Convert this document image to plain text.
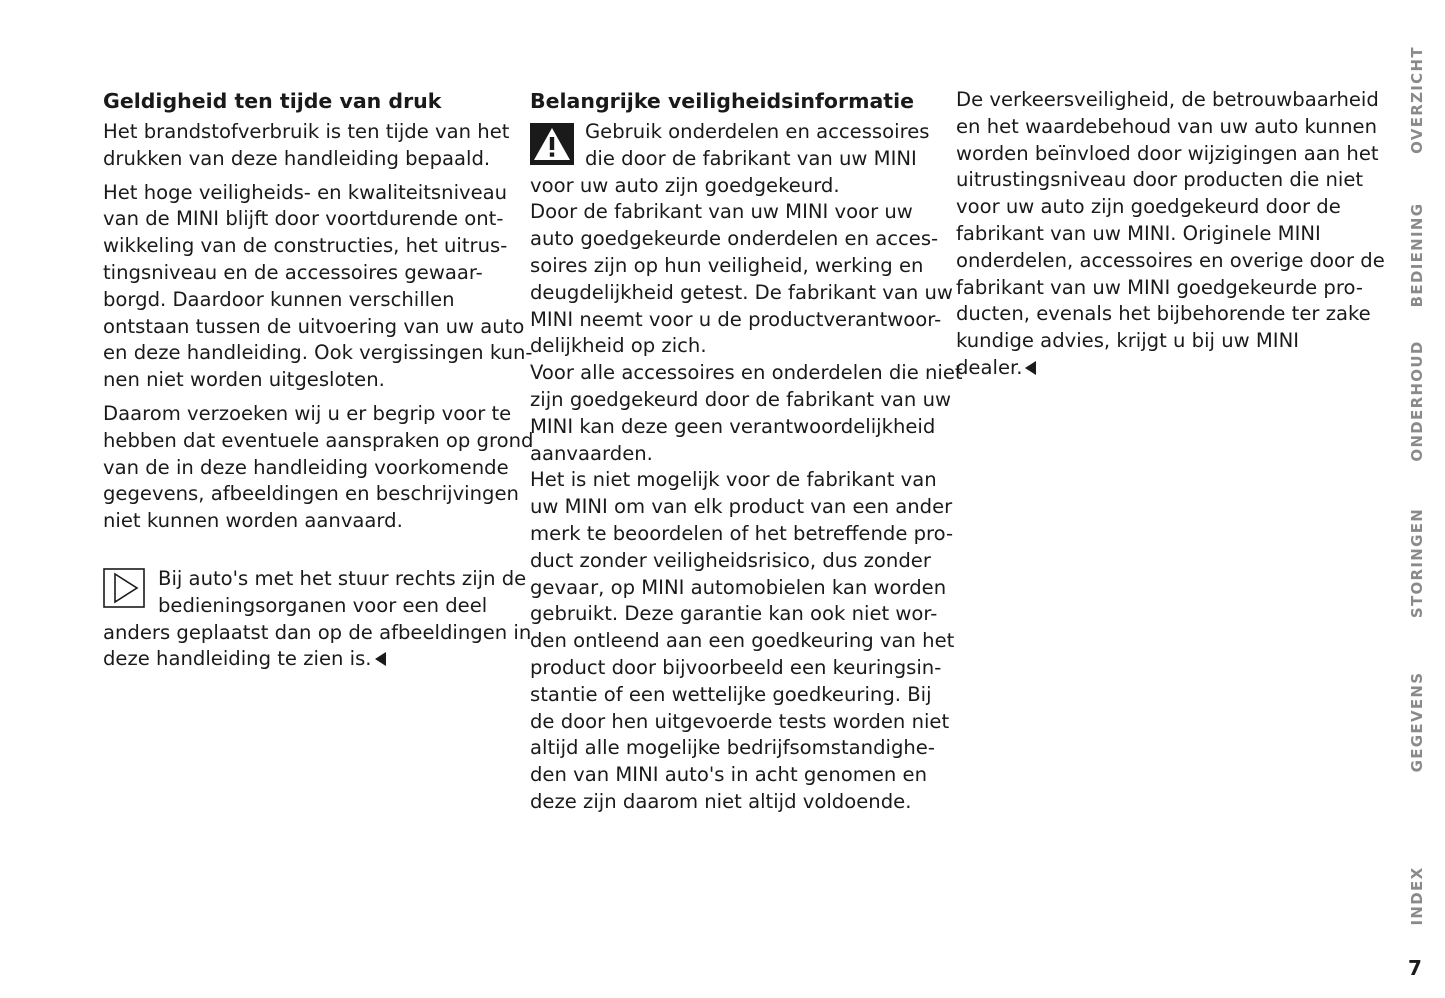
Geldigheid ten tijde van druk

Het brandstofverbruik is ten tijde van het
drukken van deze handleiding bepaald.

Het hoge veiligheids- en kwaliteitsniveau
van de MINI blijft door voortdurende ont-
wikkeling van de constructies, het uitrus-
tingsniveau en de accessoires gewaar-
borgd. Daardoor kunnen verschillen
ontstaan tussen de uitvoering van uw auto
en deze handleiding. Ook vergissingen kun-
nen niet worden uitgesloten.

Daarom verzoeken wij u er begrip voor te
hebben dat eventuele aanspraken op grond
van de in deze handleiding voorkomende
gegevens, afbeeldingen en beschrijvingen
niet kunnen worden aanvaard.

Bij auto's met het stuur rechts zijn de
bedieningsorganen voor een deel
anders geplaatst dan op de afbeeldingen in
deze handleiding te zien is.

Belangrijke veiligheidsinformatie

Gebruik onderdelen en accessoires
die door de fabrikant van uw MINI
voor uw auto zijn goedgekeurd.

Door de fabrikant van uw MINI voor uw
auto goedgekeurde onderdelen en acces-
soires zijn op hun veiligheid, werking en
deugdelijkheid getest. De fabrikant van uw
MINI neemt voor u de productverantwoor-
delijkheid op zich.

Voor alle accessoires en onderdelen die niet
zijn goedgekeurd door de fabrikant van uw
MINI kan deze geen verantwoordelijkheid
aanvaarden.

Het is niet mogelijk voor de fabrikant van
uw MINI om van elk product van een ander
merk te beoordelen of het betreffende pro-
duct zonder veiligheidsrisico, dus zonder
gevaar, op MINI automobielen kan worden
gebruikt. Deze garantie kan ook niet wor-
den ontleend aan een goedkeuring van het
product door bijvoorbeeld een keuringsin-
stantie of een wettelijke goedkeuring. Bij
de door hen uitgevoerde tests worden niet
altijd alle mogelijke bedrijfsomstandighe-
den van MINI auto's in acht genomen en
deze zijn daarom niet altijd voldoende.

De verkeersveiligheid, de betrouwbaarheid
en het waardebehoud van uw auto kunnen
worden beïnvloed door wijzigingen aan het
uitrustingsniveau door producten die niet
voor uw auto zijn goedgekeurd door de
fabrikant van uw MINI. Originele MINI
onderdelen, accessoires en overige door de
fabrikant van uw MINI goedgekeurde pro-
ducten, evenals het bijbehorende ter zake
kundige advies, krijgt u bij uw MINI
dealer.

OVERZICHT
BEDIENING
ONDERHOUD
STORINGEN
GEGEVENS
INDEX
7
